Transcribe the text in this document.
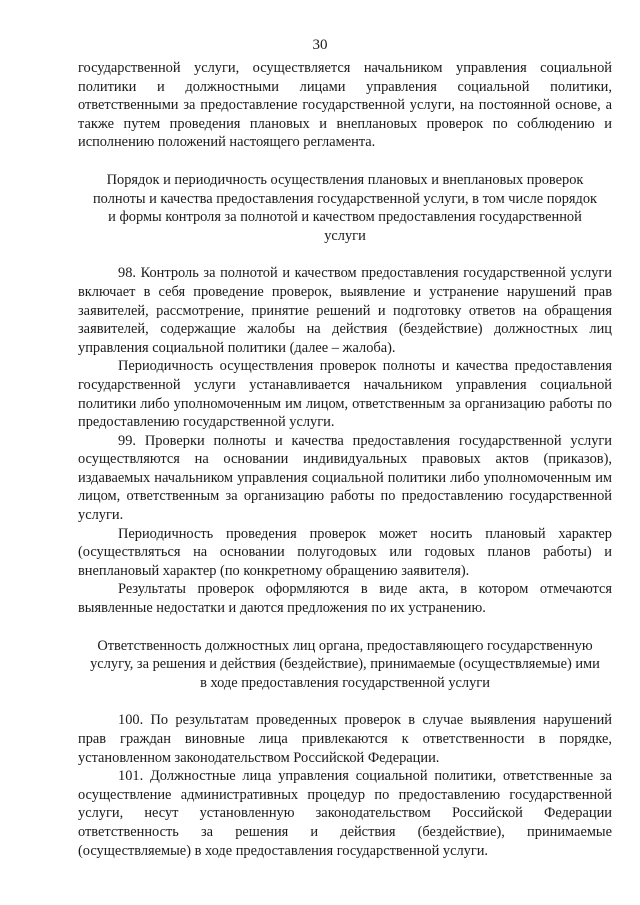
30

государственной услуги, осуществляется начальником управления социальной политики и должностными лицами управления социальной политики, ответственными за предоставление государственной услуги, на постоянной основе, а также путем проведения плановых и внеплановых проверок по соблюдению и исполнению положений настоящего регламента.

Порядок и периодичность осуществления плановых и внеплановых проверок полноты и качества предоставления государственной услуги, в том числе порядок и формы контроля за полнотой и качеством предоставления государственной услуги

98. Контроль за полнотой и качеством предоставления государственной услуги включает в себя проведение проверок, выявление и устранение нарушений прав заявителей, рассмотрение, принятие решений и подготовку ответов на обращения заявителей, содержащие жалобы на действия (бездействие) должностных лиц управления социальной политики (далее – жалоба).

Периодичность осуществления проверок полноты и качества предоставления государственной услуги устанавливается начальником управления социальной политики либо уполномоченным им лицом, ответственным за организацию работы по предоставлению государственной услуги.

99. Проверки полноты и качества предоставления государственной услуги осуществляются на основании индивидуальных правовых актов (приказов), издаваемых начальником управления социальной политики либо уполномоченным им лицом, ответственным за организацию работы по предоставлению государственной услуги.

Периодичность проведения проверок может носить плановый характер (осуществляться на основании полугодовых или годовых планов работы) и внеплановый характер (по конкретному обращению заявителя).

Результаты проверок оформляются в виде акта, в котором отмечаются выявленные недостатки и даются предложения по их устранению.

Ответственность должностных лиц органа, предоставляющего государственную услугу, за решения и действия (бездействие), принимаемые (осуществляемые) ими в ходе предоставления государственной услуги

100. По результатам проведенных проверок в случае выявления нарушений прав граждан виновные лица привлекаются к ответственности в порядке, установленном законодательством Российской Федерации.

101. Должностные лица управления социальной политики, ответственные за осуществление административных процедур по предоставлению государственной услуги, несут установленную законодательством Российской Федерации ответственность за решения и действия (бездействие), принимаемые (осуществляемые) в ходе предоставления государственной услуги.
